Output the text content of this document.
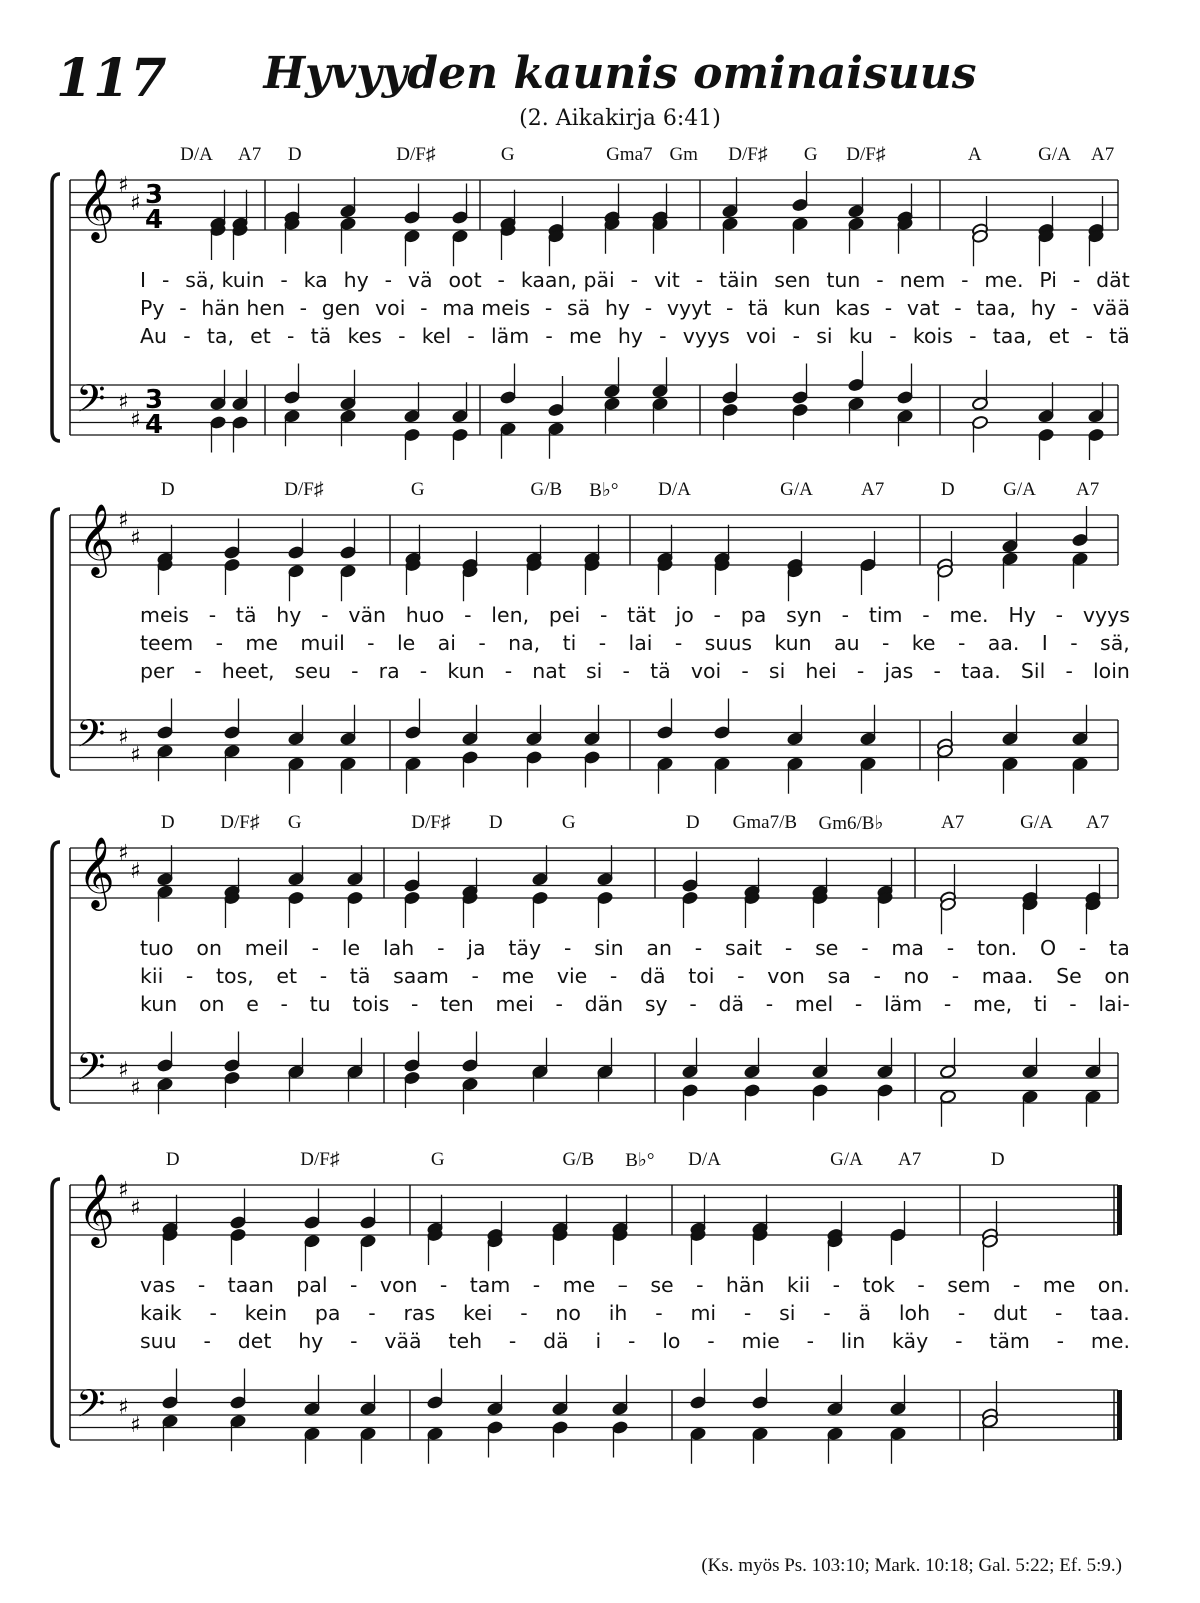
117	Hyvyyden kaunis ominaisuus
(2. Aikakirja 6:41)
𝄞 ♯
♯ 3
4
𝄢 ♯
♯
3
4
D/A A7 D	D/F♯	G	Gma7 Gm D/F♯ G D/F♯	A	G/A A7
I - sä, kuin - ka hy - vä oot - kaan, päi - vit - täin sen tun - nem - me. Pi - dät
Py - hän hen - gen voi - ma meis - sä hy - vyyt - tä kun kas - vat - taa, hy - vää
Au - ta, et - tä kes - kel - läm - me hy - vyys voi - si ku - kois - taa, et - tä
𝄞 ♯
♯
𝄢 ♯
♯
D	D/F♯	G	G/B B♭° D/A	G/A	A7	D	G/A A7
meis - tä hy - vän huo - len, pei - tät jo - pa syn - tim - me. Hy - vyys
teem - me muil - le ai - na, ti - lai - suus kun au - ke - aa. I - sä,
per - heet, seu - ra - kun - nat si - tä voi - si hei - jas - taa. Sil - loin
𝄞 ♯
♯
𝄢 ♯
♯
D D/F♯ G	D/F♯ D	G	D Gma7/B Gm6/B♭	A7	G/A A7
tuo on meil - le lah - ja täy - sin an - sait - se - ma - ton. O - ta
kii - tos, et - tä saam - me vie - dä toi - von sa - no - maa. Se on
kun on e - tu tois - ten mei - dän sy - dä - mel - läm - me, ti - lai-
𝄞 ♯
♯
𝄢 ♯
♯
D	D/F♯	G	G/B B♭° D/A	G/A A7	D
vas - taan pal - von - tam - me – se - hän kii - tok - sem - me on.
kaik - kein pa - ras kei - no ih - mi - si - ä loh - dut - taa.
suu - det hy - vää teh - dä i - lo - mie - lin käy - täm - me.
(Ks. myös Ps. 103:10; Mark. 10:18; Gal. 5:22; Ef. 5:9.)
